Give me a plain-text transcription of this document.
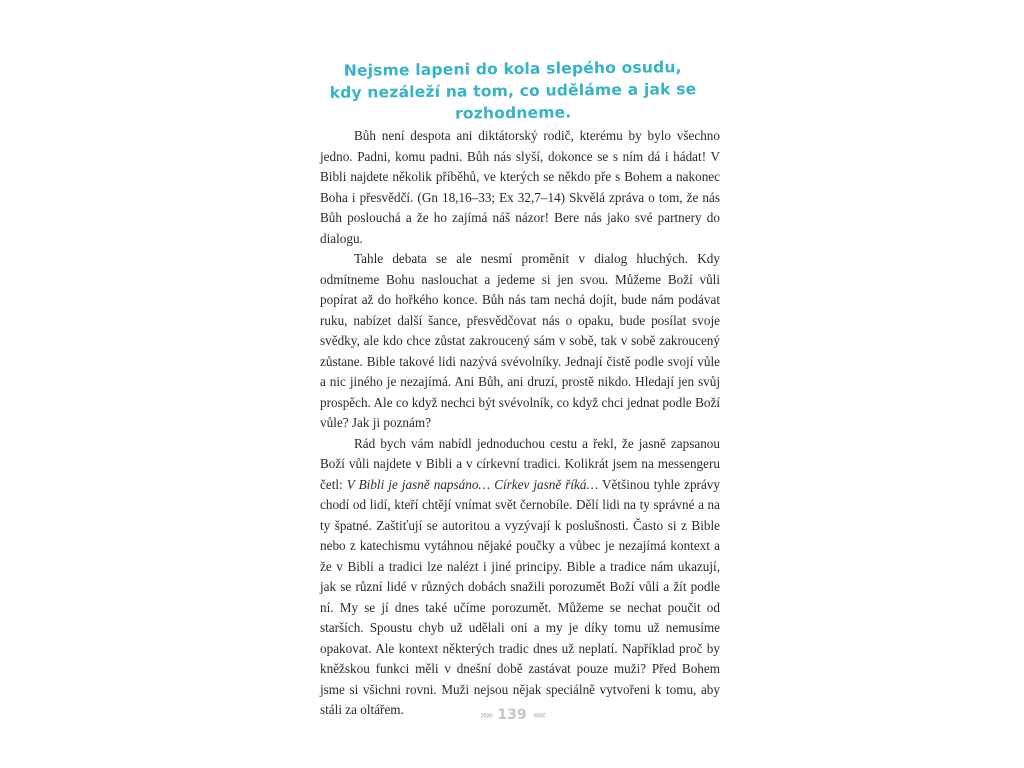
Nejsme lapeni do kola slepého osudu,
kdy nezáleží na tom, co uděláme a jak se rozhodneme.

Bůh není despota ani diktátorský rodič, kterému by bylo všechno jedno. Padni, komu padni. Bůh nás slyší, dokonce se s ním dá i hádat! V Bibli najdete několik příběhů, ve kterých se někdo pře s Bohem a nakonec Boha i přesvědčí. (Gn 18,16–33; Ex 32,7–14) Skvělá zpráva o tom, že nás Bůh poslouchá a že ho zajímá náš názor! Bere nás jako své partnery do dialogu.

Tahle debata se ale nesmí proměnit v dialog hluchých. Kdy odmítneme Bohu naslouchat a jedeme si jen svou. Můžeme Boží vůli popírat až do hořkého konce. Bůh nás tam nechá dojít, bude nám podávat ruku, nabízet další šance, přesvědčovat nás o opaku, bude posílat svoje svědky, ale kdo chce zůstat zakroucený sám v sobě, tak v sobě zakroucený zůstane. Bible takové lidi nazývá svévolníky. Jednají čistě podle svojí vůle a nic jiného je nezajímá. Ani Bůh, ani druzí, prostě nikdo. Hledají jen svůj prospěch. Ale co když nechci být svévolník, co když chci jednat podle Boží vůle? Jak ji poznám?

Rád bych vám nabídl jednoduchou cestu a řekl, že jasně zapsanou Boží vůli najdete v Bibli a v církevní tradici. Kolikrát jsem na messengeru četl: V Bibli je jasně napsáno… Církev jasně říká… Většinou tyhle zprávy chodí od lidí, kteří chtějí vnímat svět černobíle. Dělí lidi na ty správné a na ty špatné. Zaštiťují se autoritou a vyzývají k poslušnosti. Často si z Bible nebo z katechismu vytáhnou nějaké poučky a vůbec je nezajímá kontext a že v Bibli a tradici lze nalézt i jiné principy. Bible a tradice nám ukazují, jak se různí lidé v různých dobách snažili porozumět Boží vůli a žít podle ní. My se jí dnes také učíme porozumět. Můžeme se nechat poučit od starších. Spoustu chyb už udělali oni a my je díky tomu už nemusíme opakovat. Ale kontext některých tradic dnes už neplatí. Například proč by kněžskou funkci měli v dnešní době zastávat pouze muži? Před Bohem jsme si všichni rovni. Muži nejsou nějak speciálně vytvořeni k tomu, aby stáli za oltářem.	»» 139 ««
